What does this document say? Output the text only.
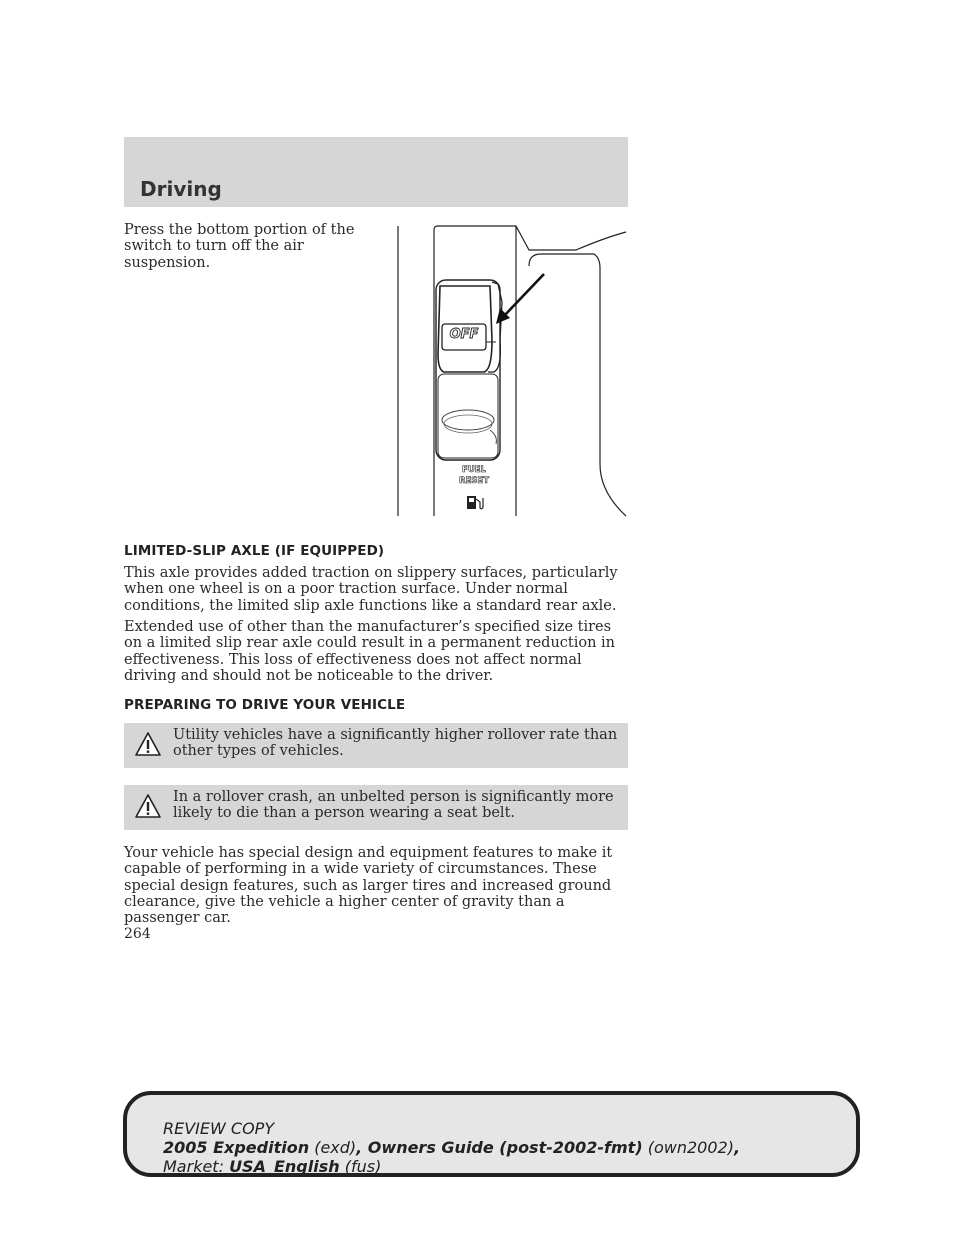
Driving

Press the bottom portion of the switch to turn off the air suspension.

OFF
FUEL
RESET
LIMITED-SLIP AXLE (IF EQUIPPED)

This axle provides added traction on slippery surfaces, particularly when one wheel is on a poor traction surface. Under normal conditions, the limited slip axle functions like a standard rear axle.

Extended use of other than the manufacturer’s specified size tires on a limited slip rear axle could result in a permanent reduction in effectiveness. This loss of effectiveness does not affect normal driving and should not be noticeable to the driver.

PREPARING TO DRIVE YOUR VEHICLE

Utility vehicles have a significantly higher rollover rate than other types of vehicles.

In a rollover crash, an unbelted person is significantly more likely to die than a person wearing a seat belt.

Your vehicle has special design and equipment features to make it capable of performing in a wide variety of circumstances. These special design features, such as larger tires and increased ground clearance, give the vehicle a higher center of gravity than a passenger car.

264
REVIEW COPY
2005 Expedition (exd), Owners Guide (post-2002-fmt) (own2002),
Market: USA_English (fus)
